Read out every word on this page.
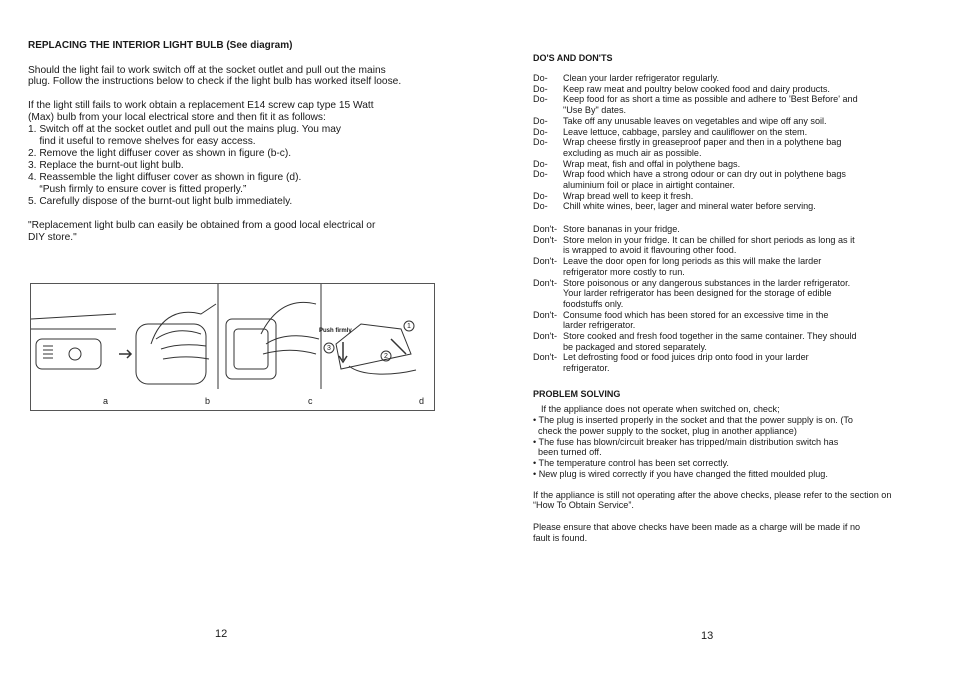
REPLACING THE INTERIOR LIGHT BULB (See diagram)
Should the light fail to work switch off at the socket outlet and pull out the mains
plug. Follow the instructions below to check if the light bulb has worked itself loose.
If the light still fails to work obtain a replacement E14 screw cap type 15 Watt
(Max) bulb from your local electrical store and then fit it as follows:
1. Switch off at the socket outlet and pull out the mains plug. You may
find it useful to remove shelves for easy access.
2. Remove the light diffuser cover as shown in figure (b-c).
3. Replace the burnt-out light bulb.
4. Reassemble the light diffuser cover as shown in figure (d).
“Push firmly to ensure cover is fitted properly.”
5. Carefully dispose of the burnt-out light bulb immediately.
"Replacement light bulb can easily be obtained from a good local electrical or
DIY store."
Push firmly
1
2
3
a	b	c	d
12
DO'S AND DON'TS
Do- Clean your larder refrigerator regularly.
Do- Keep raw meat and poultry below cooked food and dairy products.
Do- Keep food for as short a time as possible and adhere to 'Best Before' and
"Use By" dates.
Do- Take off any unusable leaves on vegetables and wipe off any soil.
Do- Leave lettuce, cabbage, parsley and cauliflower on the stem.
Do- Wrap cheese firstly in greaseproof paper and then in a polythene bag
excluding as much air as possible.
Do- Wrap meat, fish and offal in polythene bags.
Do- Wrap food which have a strong odour or can dry out in polythene bags
aluminium foil or place in airtight container.
Do- Wrap bread well to keep it fresh.
Do- Chill white wines, beer, lager and mineral water before serving.
Don't- Store bananas in your fridge.
Don't- Store melon in your fridge. It can be chilled for short periods as long as it
is wrapped to avoid it flavouring other food.
Don't- Leave the door open for long periods as this will make the larder
refrigerator more costly to run.
Don't- Store poisonous or any dangerous substances in the larder refrigerator.
Your larder refrigerator has been designed for the storage of edible
foodstuffs only.
Don't- Consume food which has been stored for an excessive time in the
larder refrigerator.
Don't- Store cooked and fresh food together in the same container. They should
be packaged and stored separately.
Don't- Let defrosting food or food juices drip onto food in your larder
refrigerator.
PROBLEM SOLVING
If the appliance does not operate when switched on, check;
• The plug is inserted properly in the socket and that the power supply is on. (To
check the power supply to the socket, plug in another appliance)
• The fuse has blown/circuit breaker has tripped/main distribution switch has
been turned off.
• The temperature control has been set correctly.
• New plug is wired correctly if you have changed the fitted moulded plug.
If the appliance is still not operating after the above checks, please refer to the section on
“How To Obtain Service”.
Please ensure that above checks have been made as a charge will be made if no
fault is found.
13
